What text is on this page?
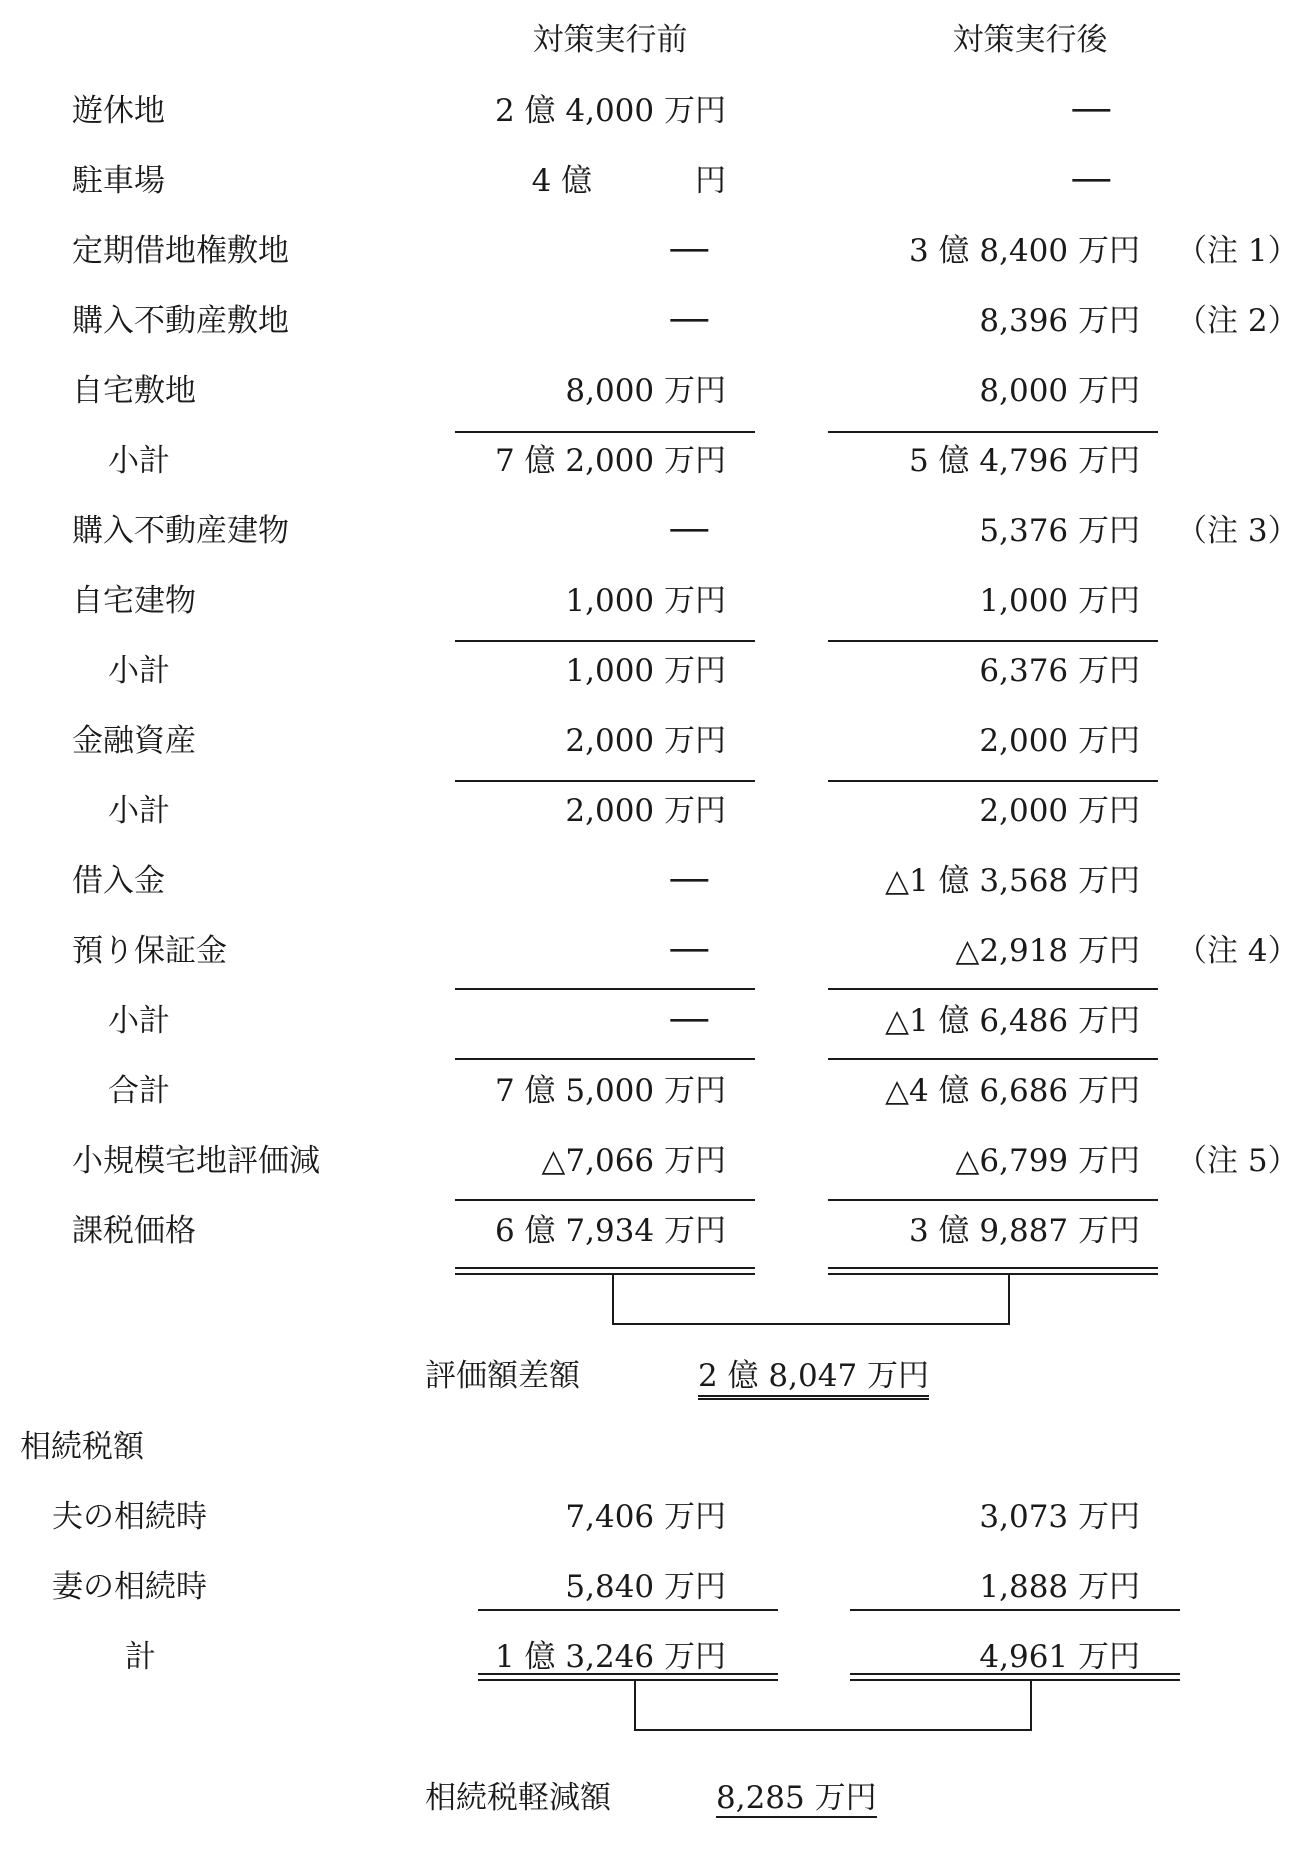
対策実行前	対策実行後
遊休地	2 億 4,000 万円	──
駐車場	4 億　　　 円	──
定期借地権敷地	──	3 億 8,400 万円 （注 1）
購入不動産敷地	──	8,396 万円 （注 2）
自宅敷地	8,000 万円	8,000 万円
小計	7 億 2,000 万円	5 億 4,796 万円
購入不動産建物	──	5,376 万円 （注 3）
自宅建物	1,000 万円	1,000 万円
小計	1,000 万円	6,376 万円
金融資産	2,000 万円	2,000 万円
小計	2,000 万円	2,000 万円
借入金	──	△1 億 3,568 万円
預り保証金	──	△2,918 万円 （注 4）
小計	──	△1 億 6,486 万円
合計	7 億 5,000 万円	△4 億 6,686 万円
小規模宅地評価減	△7,066 万円	△6,799 万円 （注 5）
課税価格	6 億 7,934 万円	3 億 9,887 万円
評価額差額	2 億 8,047 万円
相続税額
夫の相続時	7,406 万円	3,073 万円
妻の相続時	5,840 万円	1,888 万円
計	1 億 3,246 万円	4,961 万円
相続税軽減額	8,285 万円
